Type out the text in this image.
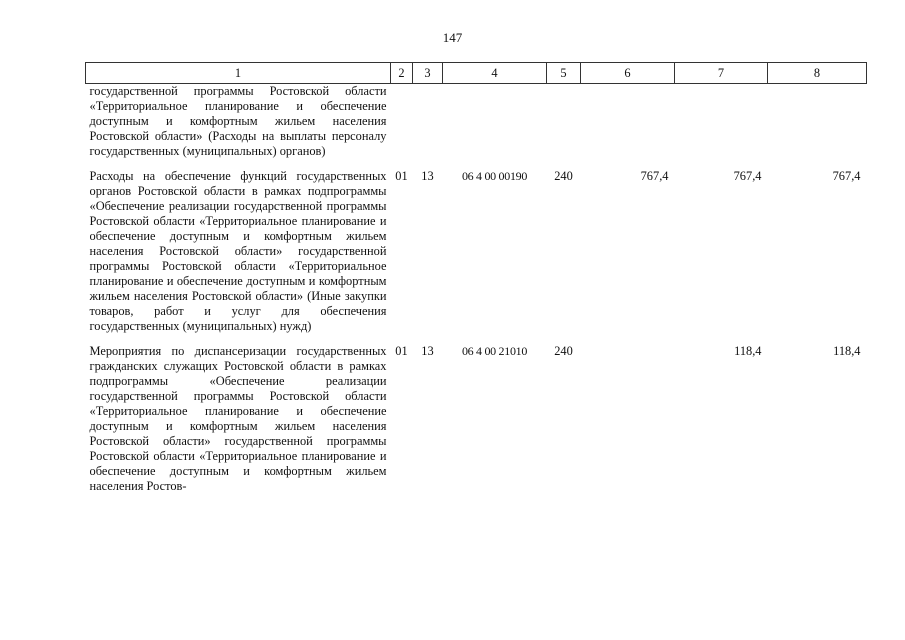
147
1	2	3	4	5	6	7	8
государственной программы Ростовской области «Территориальное планирование и обеспечение доступным и комфортным жильем населения Ростовской области» (Расходы на выплаты персоналу государственных (муниципальных) органов)							

Расходы на обеспечение функций государственных органов Ростовской области в рамках подпрограммы «Обеспечение реализации государственной программы Ростовской области «Территориальное планирование и обеспечение доступным и комфортным жильем населения Ростовской области» государственной программы Ростовской области «Территориальное планирование и обеспечение доступным и комфортным жильем населения Ростовской области» (Иные закупки товаров, работ и услуг для обеспечения государственных (муниципальных) нужд)	01	13	06 4 00 00190	240	767,4	767,4	767,4

Мероприятия по диспансеризации государственных гражданских служащих Ростовской области в рамках подпрограммы «Обеспечение реализации государственной программы Ростовской области «Территориальное планирование и обеспечение доступным и комфортным жильем населения Ростовской области» государственной программы Ростовской области «Территориальное планирование и обеспечение доступным и комфортным жильем населения Ростов-	01	13	06 4 00 21010	240		118,4	118,4
